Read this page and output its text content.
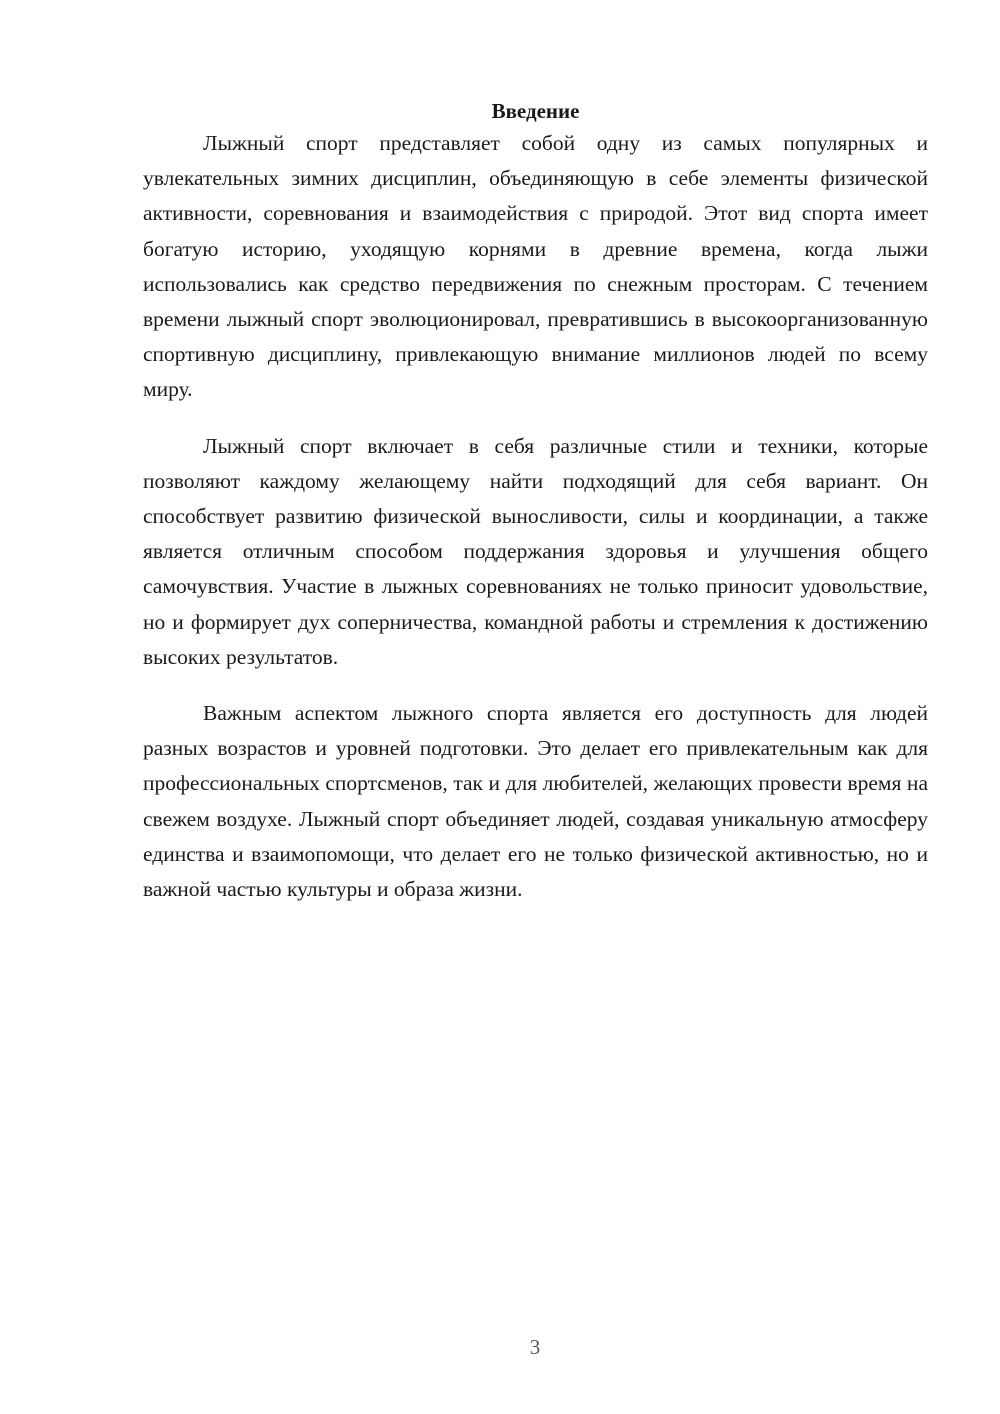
Введение

Лыжный спорт представляет собой одну из самых популярных и увлекательных зимних дисциплин, объединяющую в себе элементы физической активности, соревнования и взаимодействия с природой. Этот вид спорта имеет богатую историю, уходящую корнями в древние времена, когда лыжи использовались как средство передвижения по снежным просторам. С течением времени лыжный спорт эволюционировал, превратившись в высокоорганизованную спортивную дисциплину, привлекающую внимание миллионов людей по всему миру.

Лыжный спорт включает в себя различные стили и техники, которые позволяют каждому желающему найти подходящий для себя вариант. Он способствует развитию физической выносливости, силы и координации, а также является отличным способом поддержания здоровья и улучшения общего самочувствия. Участие в лыжных соревнованиях не только приносит удовольствие, но и формирует дух соперничества, командной работы и стремления к достижению высоких результатов.

Важным аспектом лыжного спорта является его доступность для людей разных возрастов и уровней подготовки. Это делает его привлекательным как для профессиональных спортсменов, так и для любителей, желающих провести время на свежем воздухе. Лыжный спорт объединяет людей, создавая уникальную атмосферу единства и взаимопомощи, что делает его не только физической активностью, но и важной частью культуры и образа жизни.

3
